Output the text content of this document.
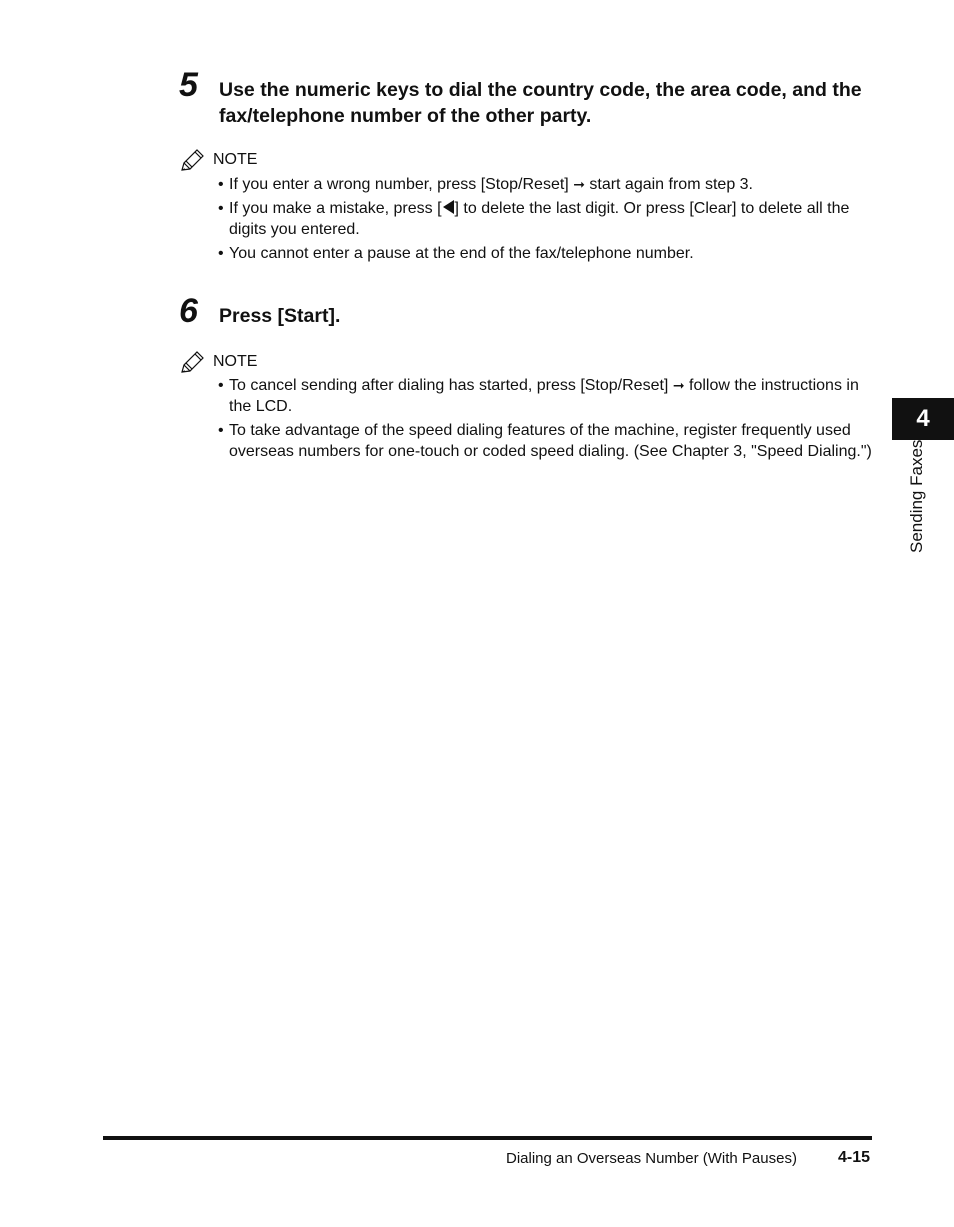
5 Use the numeric keys to dial the country code, the area code, and the fax/telephone number of the other party.
NOTE
• If you enter a wrong number, press [Stop/Reset] ➞ start again from step 3.
• If you make a mistake, press [ ] to delete the last digit. Or press [Clear] to delete all the digits you entered.
• You cannot enter a pause at the end of the fax/telephone number.
6 Press [Start].
NOTE
• To cancel sending after dialing has started, press [Stop/Reset] ➞ follow the instructions in the LCD.
• To take advantage of the speed dialing features of the machine, register frequently used overseas numbers for one-touch or coded speed dialing. (See Chapter 3, "Speed Dialing.")
4
Sending Faxes
Dialing an Overseas Number (With Pauses)	4-15
